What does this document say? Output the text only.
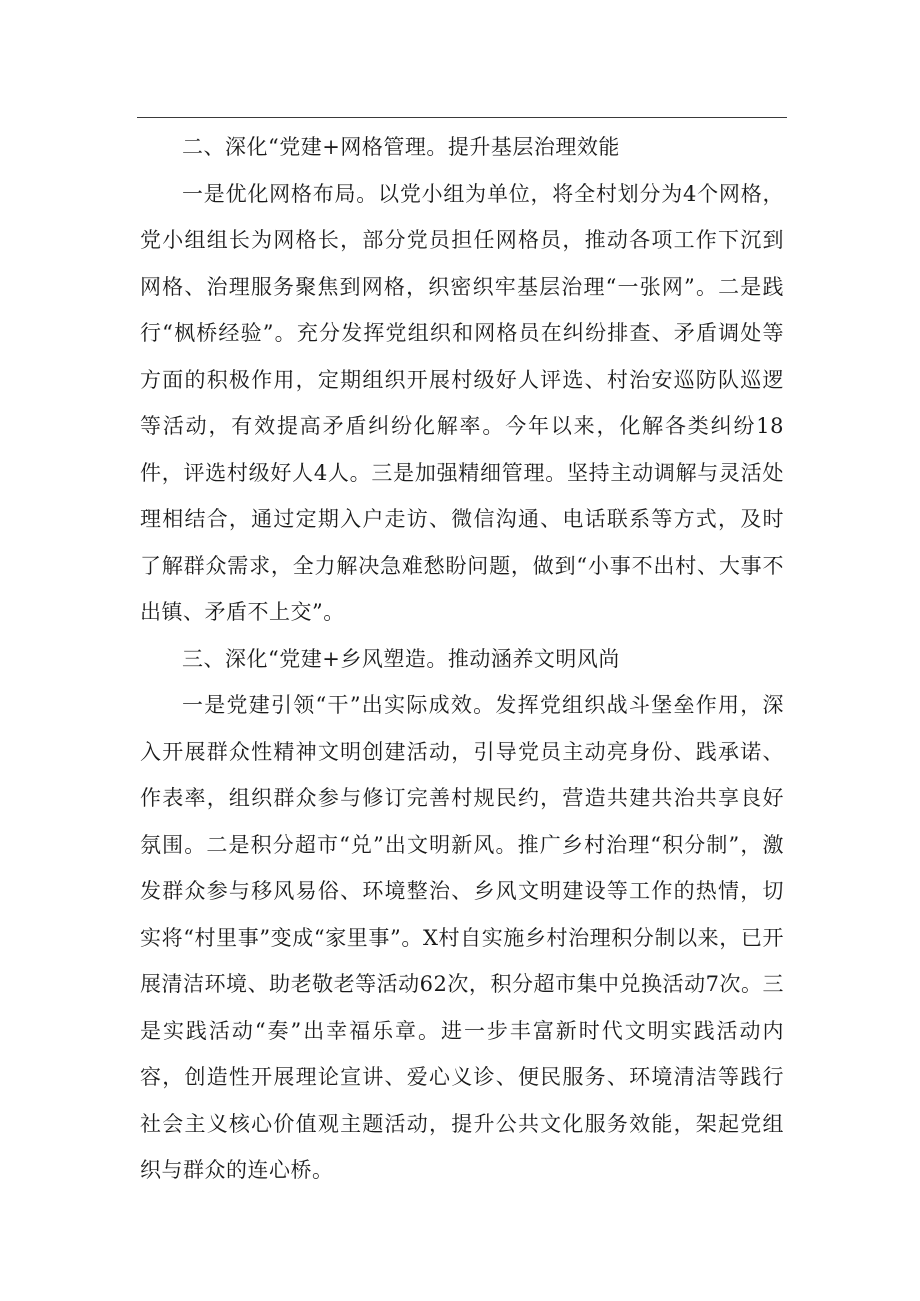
二、深化“党建+网格管理。提升基层治理效能

一是优化网格布局。以党小组为单位，将全村划分为4个网格，党小组组长为网格长，部分党员担任网格员，推动各项工作下沉到网格、治理服务聚焦到网格，织密织牢基层治理“一张网”。二是践行“枫桥经验”。充分发挥党组织和网格员在纠纷排查、矛盾调处等方面的积极作用，定期组织开展村级好人评选、村治安巡防队巡逻等活动，有效提高矛盾纠纷化解率。今年以来，化解各类纠纷18件，评选村级好人4人。三是加强精细管理。坚持主动调解与灵活处理相结合，通过定期入户走访、微信沟通、电话联系等方式，及时了解群众需求，全力解决急难愁盼问题，做到“小事不出村、大事不出镇、矛盾不上交”。

三、深化“党建+乡风塑造。推动涵养文明风尚

一是党建引领“干”出实际成效。发挥党组织战斗堡垒作用，深入开展群众性精神文明创建活动，引导党员主动亮身份、践承诺、作表率，组织群众参与修订完善村规民约，营造共建共治共享良好氛围。二是积分超市“兑”出文明新风。推广乡村治理“积分制”，激发群众参与移风易俗、环境整治、乡风文明建设等工作的热情，切实将“村里事”变成“家里事”。X村自实施乡村治理积分制以来，已开展清洁环境、助老敬老等活动62次，积分超市集中兑换活动7次。三是实践活动“奏”出幸福乐章。进一步丰富新时代文明实践活动内容，创造性开展理论宣讲、爱心义诊、便民服务、环境清洁等践行社会主义核心价值观主题活动，提升公共文化服务效能，架起党组织与群众的连心桥。
